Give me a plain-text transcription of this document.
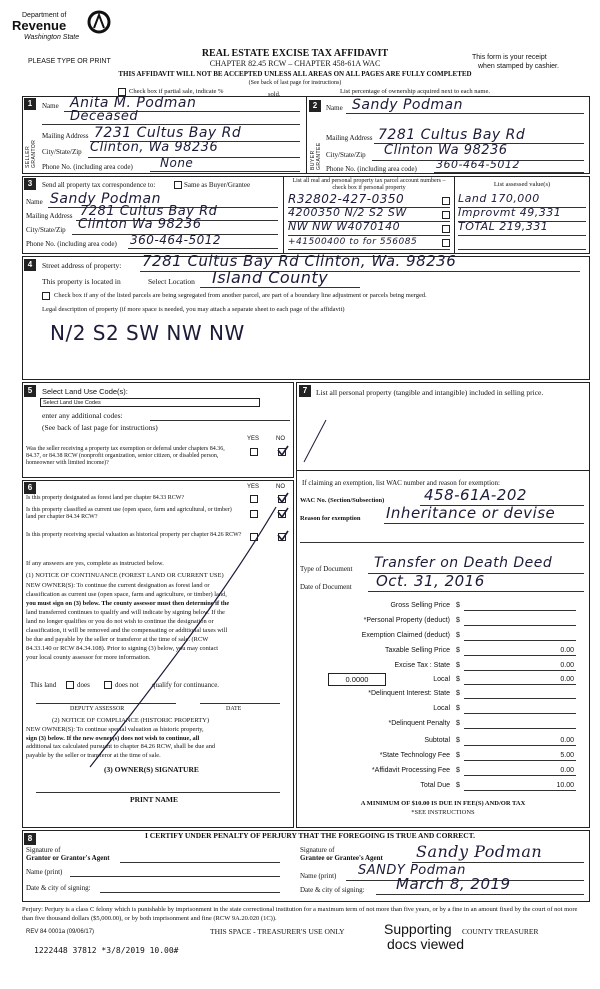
Department of
Revenue
Washington State
PLEASE TYPE OR PRINT
REAL ESTATE EXCISE TAX AFFIDAVIT
CHAPTER 82.45 RCW – CHAPTER 458-61A WAC
THIS AFFIDAVIT WILL NOT BE ACCEPTED UNLESS ALL AREAS ON ALL PAGES ARE FULLY COMPLETED
(See back of last page for instructions)
This form is your receipt
when stamped by cashier.
Check box if partial sale, indicate %	sold.	List percentage of ownership acquired next to each name.
1
SELLER GRANTOR
Name Anita M. Podman
Deceased
Mailing Address 7231 Cultus Bay Rd
City/State/Zip Clinton, Wa 98236
Phone No. (including area code) None
2
BUYER GRANTEE
Name Sandy Podman
Mailing Address 7281 Cultus Bay Rd
City/State/Zip Clinton Wa 98236
Phone No. (including area code) 360-464-5012
3	Send all property tax correspondence to:	Same as Buyer/Grantee
Name Sandy Podman
Mailing Address 7281 Cultus Bay Rd
City/State/Zip Clinton Wa 98236
Phone No. (including area code) 360-464-5012
List all real and personal property tax parcel account numbers – check box if personal property
R32802-427-0350
4200350 N/2 S2 SW
NW NW W4070140
+41500400 to for 556085
List assessed value(s)
Land 170,000
Improvmt 49,331
TOTAL 219,331
4	Street address of property: 7281 Cultus Bay Rd Clinton, Wa. 98236
This property is located in	Select Location Island County
Check box if any of the listed parcels are being segregated from another parcel, are part of a boundary line adjustment or parcels being merged.
Legal description of property (if more space is needed, you may attach a separate sheet to each page of the affidavit)
N/2 S2 SW NW NW
5	Select Land Use Code(s):
Select Land Use Codes
enter any additional codes:
(See back of last page for instructions)
YES	NO
Was the seller receiving a property tax exemption or deferral under chapters 84.36, 84.37, or 84.38 RCW (nonprofit organization, senior citizen, or disabled person, homeowner with limited income)?
6	YES	NO
Is this property designated as forest land per chapter 84.33 RCW?
Is this property classified as current use (open space, farm and agricultural, or timber) land per chapter 84.34 RCW?
Is this property receiving special valuation as historical property per chapter 84.26 RCW?
If any answers are yes, complete as instructed below.
(1) NOTICE OF CONTINUANCE (FOREST LAND OR CURRENT USE)
NEW OWNER(S): To continue the current designation as forest land or
classification as current use (open space, farm and agriculture, or timber) land,
you must sign on (3) below. The county assessor must then determine if the
land transferred continues to qualify and will indicate by signing below. If the
land no longer qualifies or you do not wish to continue the designation or
classification, it will be removed and the compensating or additional taxes will
be due and payable by the seller or transferor at the time of sale. (RCW
84.33.140 or RCW 84.34.108). Prior to signing (3) below, you may contact
your local county assessor for more information.
This land	does	does not qualify for continuance.
DEPUTY ASSESSOR	DATE
(2) NOTICE OF COMPLIANCE (HISTORIC PROPERTY)
NEW OWNER(S): To continue special valuation as historic property,
sign (3) below. If the new owner(s) does not wish to continue, all
additional tax calculated pursuant to chapter 84.26 RCW, shall be due and
payable by the seller or transferor at the time of sale.
(3) OWNER(S) SIGNATURE
PRINT NAME
7	List all personal property (tangible and intangible) included in selling price.
If claiming an exemption, list WAC number and reason for exemption:
WAC No. (Section/Subsection)	458-61A-202
Reason for exemption Inheritance or devise
Type of Document Transfer on Death Deed
Date of Document Oct. 31, 2016
Gross Selling Price $
*Personal Property (deduct) $
Exemption Claimed (deduct) $
Taxable Selling Price $	0.00
Excise Tax : State $	0.00
0.0000	Local $	0.00
*Delinquent Interest: State $
Local $
*Delinquent Penalty $
Subtotal $	0.00
*State Technology Fee $	5.00
*Affidavit Processing Fee $	0.00
Total Due $	10.00
A MINIMUM OF $10.00 IS DUE IN FEE(S) AND/OR TAX
*SEE INSTRUCTIONS
8	I CERTIFY UNDER PENALTY OF PERJURY THAT THE FOREGOING IS TRUE AND CORRECT.
Signature of
Grantor or Grantor's Agent
Name (print)
Date & city of signing:
Signature of
Grantee or Grantee's Agent Sandy Podman
Name (print) SANDY Podman
Date & city of signing: March 8, 2019
Perjury: Perjury is a class C felony which is punishable by imprisonment in the state correctional institution for a maximum term of not more than five years, or by a fine in an amount fixed by the court of not more than five thousand dollars ($5,000.00), or by both imprisonment and fine (RCW 9A.20.020 (1C)).
REV 84 0001a (09/06/17)	THIS SPACE - TREASURER'S USE ONLY	COUNTY TREASURER
Supporting
docs viewed
1222448 37812 *3/8/2019 10.00#
